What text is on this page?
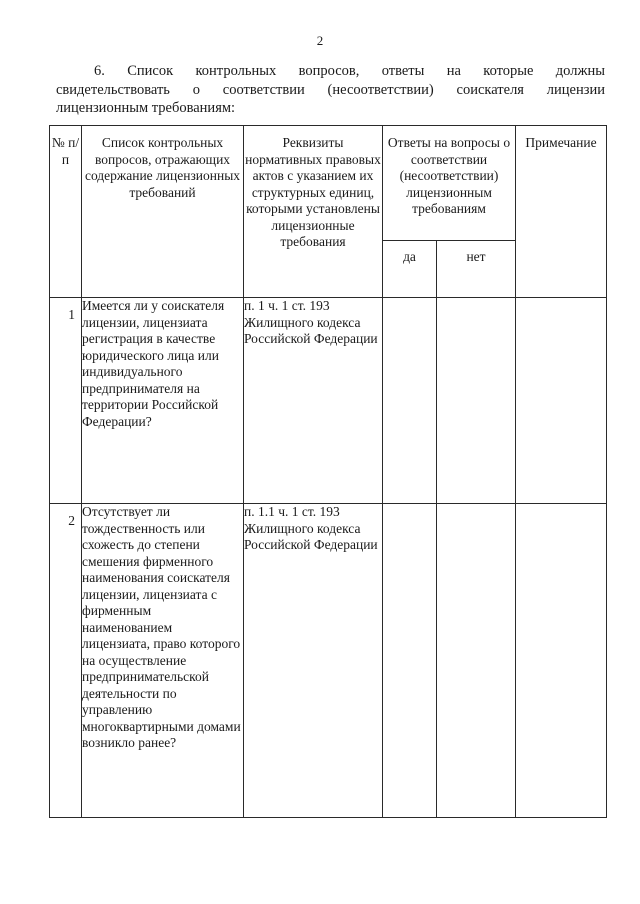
2
6. Список контрольных вопросов, ответы на которые должны
свидетельствовать о соответствии (несоответствии) соискателя лицензии
лицензионным требованиям:
№ п/п	Список контрольных вопросов, отражающих содержание лицензионных требований	Реквизиты нормативных правовых актов с указанием их структурных единиц, которыми установлены лицензионные требования	Ответы на вопросы о соответствии (несоответствии) лицензионным требованиям		Примечание
			да	нет	
1	Имеется ли у соискателя лицензии, лицензиата регистрация в качестве юридического лица или индивидуального предпринимателя на территории Российской Федерации?	п. 1 ч. 1 ст. 193 Жилищного кодекса Российской Федерации			
2	Отсутствует ли тождественность или схожесть до степени смешения фирменного наименования соискателя лицензии, лицензиата с фирменным наименованием лицензиата, право которого на осуществление предпринимательской деятельности по управлению многоквартирными домами возникло ранее?	п. 1.1 ч. 1 ст. 193 Жилищного кодекса Российской Федерации			
